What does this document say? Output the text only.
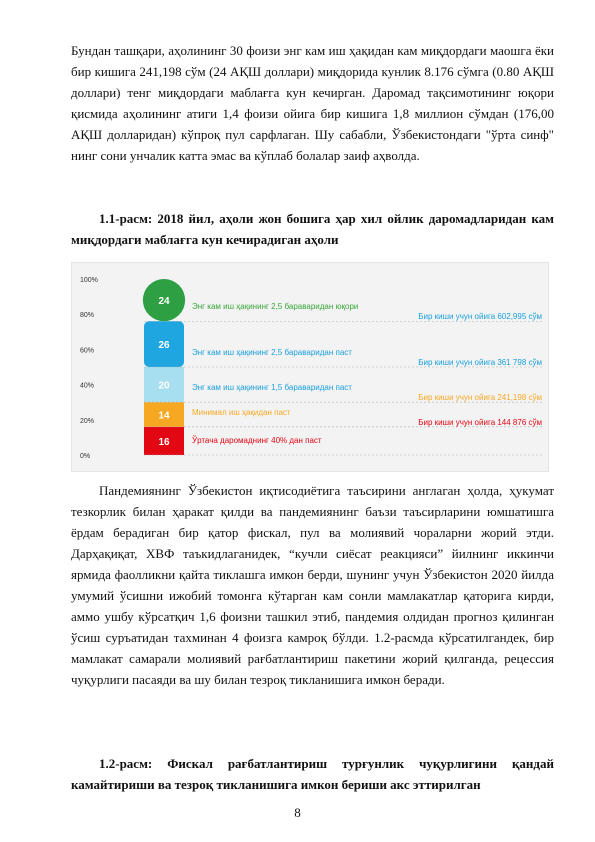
Бундан ташқари, аҳолининг 30 фоизи энг кам иш ҳақидан кам миқдордаги маошга ёки бир кишига 241,198 сўм (24 АҚШ доллари) миқдорида кунлик 8.176 сўмга (0.80 АҚШ доллари) тенг миқдордаги маблағга кун кечирган. Даромад тақсимотининг юқори қисмида аҳолининг атиги 1,4 фоизи ойига бир кишига 1,8 миллион сўмдан (176,00 АҚШ долларидан) кўпроқ пул сарфлаган. Шу сабабли, Ўзбекистондаги "ўрта синф" нинг сони унчалик катта эмас ва кўплаб болалар заиф аҳволда.

1.1-расм: 2018 йил, аҳоли жон бошига ҳар хил ойлик даромадларидан кам миқдордаги маблағга кун кечирадиган аҳоли

100%
80%
60%
40%
20%
0%
16
14
20
26
24	Энг кам иш ҳақининг 2,5 бараваридан юқори
Бир киши учун ойига 602,995 сўм
Энг кам иш ҳақининг 2,5 бараваридан паст
Бир киши учун ойига 361 798 сўм
Энг кам иш ҳақининг 1,5 бараваридан паст
Бир киши учун ойига 241,198 сўм
Минимал иш ҳақидан паст
Бир киши учун ойига 144 876 сўм
Ўртача даромаднинг 40% дан паст

Пандемиянинг Ўзбекистон иқтисодиётига таъсирини англаган ҳолда, ҳукумат тезкорлик билан ҳаракат қилди ва пандемиянинг баъзи таъсирларини юмшатишга ёрдам берадиган бир қатор фискал, пул ва молиявий чораларни жорий этди. Дарҳақиқат, ХВФ таъкидлаганидек, “кучли сиёсат реакцияси” йилнинг иккинчи ярмида фаолликни қайта тиклашга имкон берди, шунинг учун Ўзбекистон 2020 йилда умумий ўсишни ижобий томонга кўтарган кам сонли мамлакатлар қаторига кирди, аммо ушбу кўрсатқич 1,6 фоизни ташкил этиб, пандемия олдидан прогноз қилинган ўсиш суръатидан тахминан 4 фоизга камроқ бўлди. 1.2-расмда кўрсатилгандек, бир мамлакат самарали молиявий рағбатлантириш пакетини жорий қилганда, рецессия чуқурлиги пасаяди ва шу билан тезроқ тикланишига имкон беради.

1.2-расм: Фискал рағбатлантириш турғунлик чуқурлигини қандай камайтириши ва тезроқ тикланишига имкон бериши акс эттирилган

8
